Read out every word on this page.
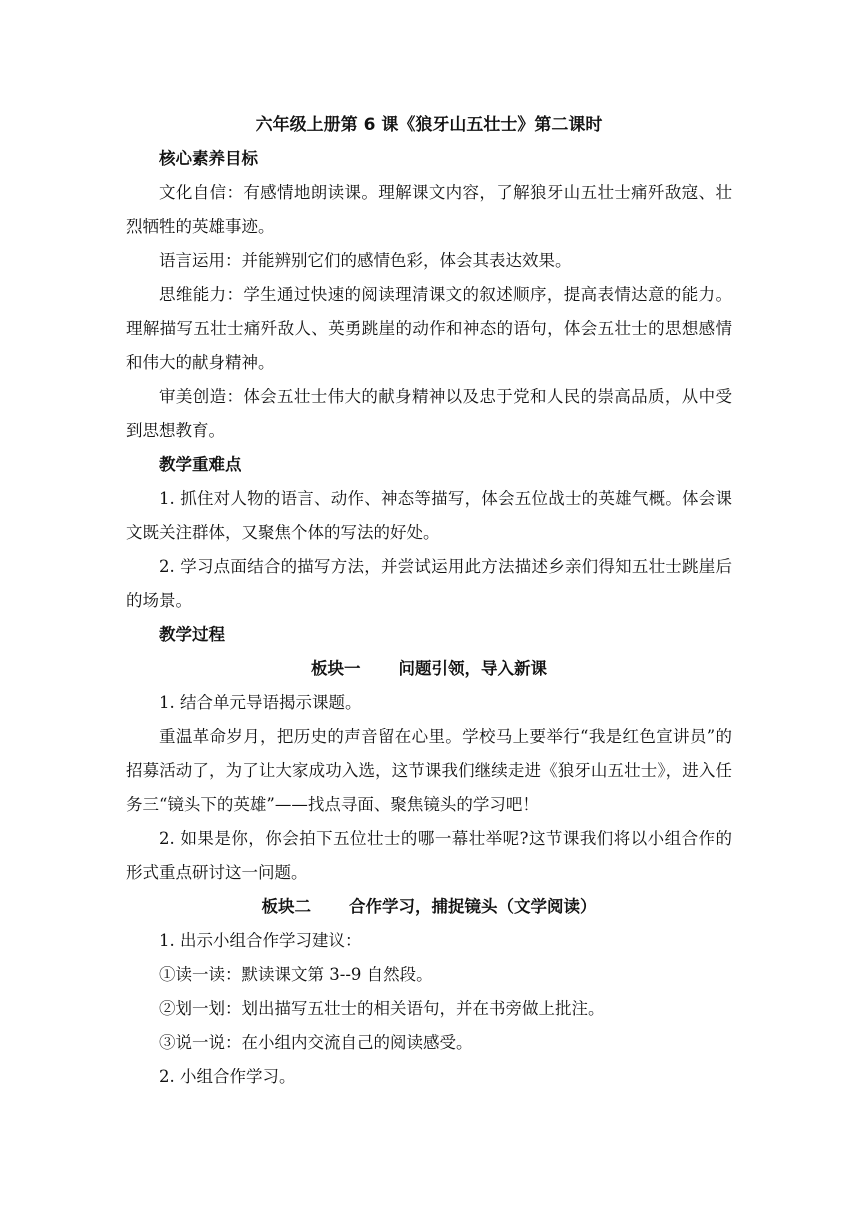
六年级上册第 6 课《狼牙山五壮士》第二课时

核心素养目标

文化自信：有感情地朗读课。理解课文内容，了解狼牙山五壮士痛歼敌寇、壮烈牺牲的英雄事迹。

语言运用：并能辨别它们的感情色彩，体会其表达效果。

思维能力：学生通过快速的阅读理清课文的叙述顺序，提高表情达意的能力。理解描写五壮士痛歼敌人、英勇跳崖的动作和神态的语句，体会五壮士的思想感情和伟大的献身精神。

审美创造：体会五壮士伟大的献身精神以及忠于党和人民的崇高品质，从中受到思想教育。

教学重难点

1. 抓住对人物的语言、动作、神态等描写，体会五位战士的英雄气概。体会课文既关注群体，又聚焦个体的写法的好处。

2. 学习点面结合的描写方法，并尝试运用此方法描述乡亲们得知五壮士跳崖后的场景。

教学过程

板块一 问题引领，导入新课

1. 结合单元导语揭示课题。

重温革命岁月，把历史的声音留在心里。学校马上要举行“我是红色宣讲员”的招募活动了，为了让大家成功入选，这节课我们继续走进《狼牙山五壮士》，进入任务三“镜头下的英雄”——找点寻面、聚焦镜头的学习吧！

2. 如果是你，你会拍下五位壮士的哪一幕壮举呢?这节课我们将以小组合作的形式重点研讨这一问题。

板块二 合作学习，捕捉镜头（文学阅读）

1. 出示小组合作学习建议：

①读一读：默读课文第 3--9 自然段。

②划一划：划出描写五壮士的相关语句，并在书旁做上批注。

③说一说：在小组内交流自己的阅读感受。

2. 小组合作学习。
